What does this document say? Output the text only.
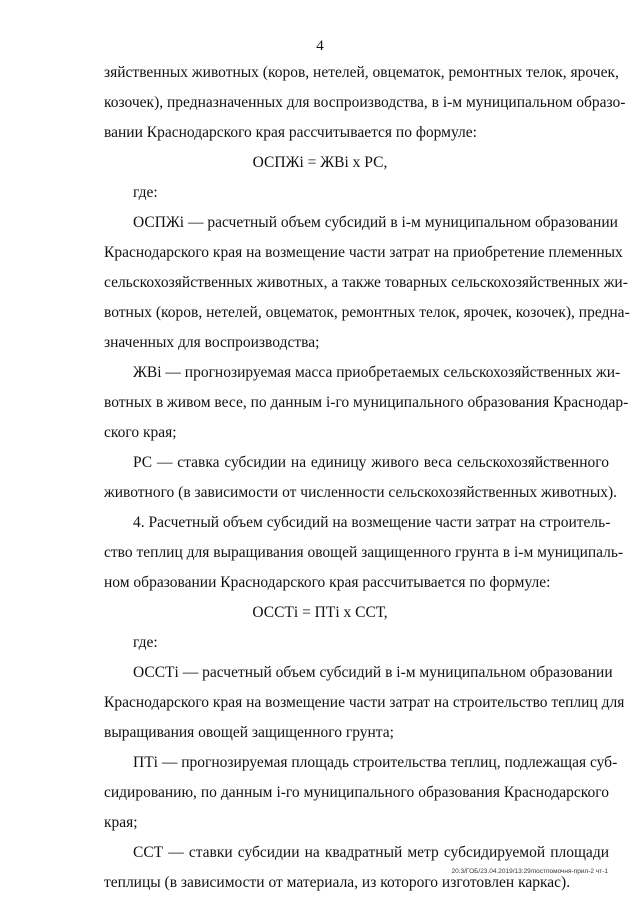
4
зяйственных животных (коров, нетелей, овцематок, ремонтных телок, ярочек,
козочек), предназначенных для воспроизводства, в i-м муниципальном образо-
вании Краснодарского края рассчитывается по формуле:
ОСПЖi = ЖВi x РС,
где:
ОСПЖi — расчетный объем субсидий в i-м муниципальном образовании
Краснодарского края на возмещение части затрат на приобретение племенных
сельскохозяйственных животных, а также товарных сельскохозяйственных жи-
вотных (коров, нетелей, овцематок, ремонтных телок, ярочек, козочек), предна-
значенных для воспроизводства;
ЖВi — прогнозируемая масса приобретаемых сельскохозяйственных жи-
вотных в живом весе, по данным i-го муниципального образования Краснодар-
ского края;
РС — ставка субсидии на единицу живого веса сельскохозяйственного
животного (в зависимости от численности сельскохозяйственных животных).
4. Расчетный объем субсидий на возмещение части затрат на строитель-
ство теплиц для выращивания овощей защищенного грунта в i-м муниципаль-
ном образовании Краснодарского края рассчитывается по формуле:
ОССТi = ПТi x ССТ,
где:
ОССТi — расчетный объем субсидий в i-м муниципальном образовании
Краснодарского края на возмещение части затрат на строительство теплиц для
выращивания овощей защищенного грунта;
ПТi — прогнозируемая площадь строительства теплиц, подлежащая суб-
сидированию, по данным i-го муниципального образования Краснодарского
края;
ССТ — ставки субсидии на квадратный метр субсидируемой площади
теплицы (в зависимости от материала, из которого изготовлен каркас).
20.3/ГОБ/23.04.2019/13:29/постпомочня-прил-2 чт-1
